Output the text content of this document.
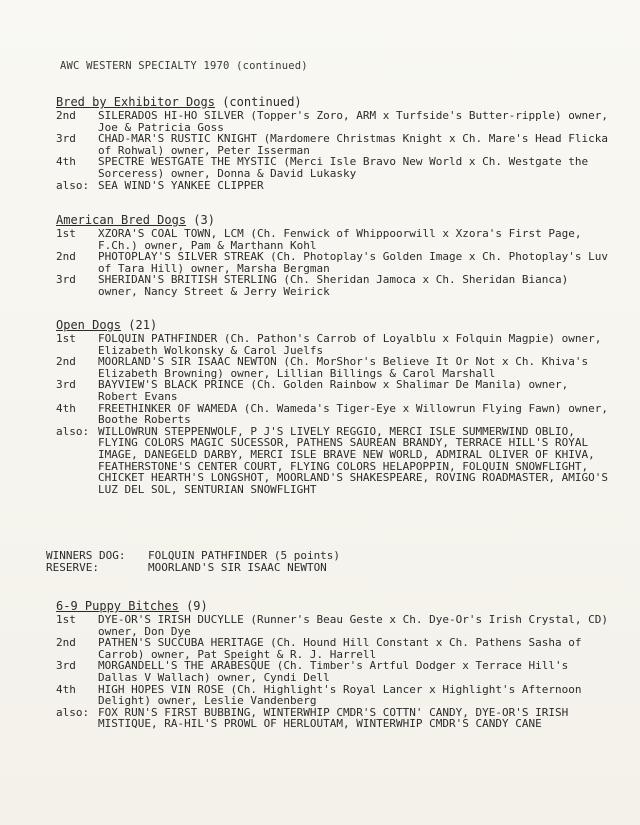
AWC WESTERN SPECIALTY 1970 (continued)
Bred by Exhibitor Dogs (continued)
2nd	SILERADOS HI-HO SILVER (Topper's Zoro, ARM x Turfside's Butter-ripple) owner, Joe & Patricia Goss
3rd	CHAD-MAR'S RUSTIC KNIGHT (Mardomere Christmas Knight x Ch. Mare's Head Flicka of Rohwal) owner, Peter Isserman
4th	SPECTRE WESTGATE THE MYSTIC (Merci Isle Bravo New World x Ch. Westgate the Sorceress) owner, Donna & David Lukasky
also: SEA WIND'S YANKEE CLIPPER
American Bred Dogs (3)
1st	XZORA'S COAL TOWN, LCM (Ch. Fenwick of Whippoorwill x Xzora's First Page, F.Ch.) owner, Pam & Marthann Kohl
2nd	PHOTOPLAY'S SILVER STREAK (Ch. Photoplay's Golden Image x Ch. Photoplay's Luv of Tara Hill) owner, Marsha Bergman
3rd	SHERIDAN'S BRITISH STERLING (Ch. Sheridan Jamoca x Ch. Sheridan Bianca) owner, Nancy Street & Jerry Weirick
Open Dogs (21)
1st	FOLQUIN PATHFINDER (Ch. Pathon's Carrob of Loyalblu x Folquin Magpie) owner, Elizabeth Wolkonsky & Carol Juelfs
2nd	MOORLAND'S SIR ISAAC NEWTON (Ch. MorShor's Believe It Or Not x Ch. Khiva's Elizabeth Browning) owner, Lillian Billings & Carol Marshall
3rd	BAYVIEW'S BLACK PRINCE (Ch. Golden Rainbow x Shalimar De Manila) owner, Robert Evans
4th	FREETHINKER OF WAMEDA (Ch. Wameda's Tiger-Eye x Willowrun Flying Fawn) owner, Boothe Roberts
also: WILLOWRUN STEPPENWOLF, P J'S LIVELY REGGIO, MERCI ISLE SUMMERWIND OBLIO, FLYING COLORS MAGIC SUCESSOR, PATHENS SAUREAN BRANDY, TERRACE HILL'S ROYAL IMAGE, DANEGELD DARBY, MERCI ISLE BRAVE NEW WORLD, ADMIRAL OLIVER OF KHIVA, FEATHERSTONE'S CENTER COURT, FLYING COLORS HELAPOPPIN, FOLQUIN SNOWFLIGHT, CHICKET HEARTH'S LONGSHOT, MOORLAND'S SHAKESPEARE, ROVING ROADMASTER, AMIGO'S LUZ DEL SOL, SENTURIAN SNOWFLIGHT
WINNERS DOG:	FOLQUIN PATHFINDER (5 points)
RESERVE:	MOORLAND'S SIR ISAAC NEWTON
6-9 Puppy Bitches (9)
1st	DYE-OR'S IRISH DUCYLLE (Runner's Beau Geste x Ch. Dye-Or's Irish Crystal, CD) owner, Don Dye
2nd	PATHEN'S SUCCUBA HERITAGE (Ch. Hound Hill Constant x Ch. Pathens Sasha of Carrob) owner, Pat Speight & R. J. Harrell
3rd	MORGANDELL'S THE ARABESQUE (Ch. Timber's Artful Dodger x Terrace Hill's Dallas V Wallach) owner, Cyndi Dell
4th	HIGH HOPES VIN ROSE (Ch. Highlight's Royal Lancer x Highlight's Afternoon Delight) owner, Leslie Vandenberg
also: FOX RUN'S FIRST BUBBING, WINTERWHIP CMDR'S COTTN' CANDY, DYE-OR'S IRISH MISTIQUE, RA-HIL'S PROWL OF HERLOUTAM, WINTERWHIP CMDR'S CANDY CANE
